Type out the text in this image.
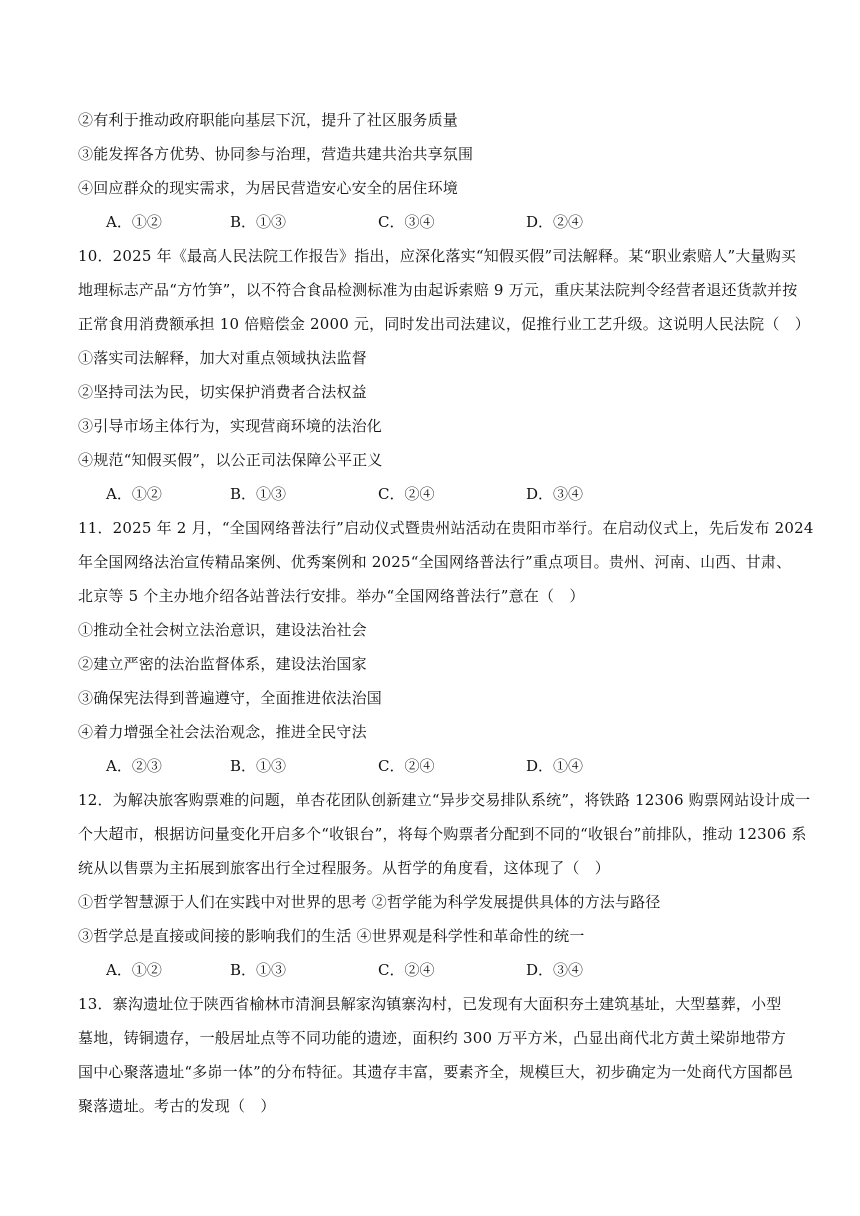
②有利于推动政府职能向基层下沉，提升了社区服务质量
③能发挥各方优势、协同参与治理，营造共建共治共享氛围
④回应群众的现实需求，为居民营造安心安全的居住环境
A．①②	B．①③	C．③④	D．②④
10．2025 年《最高人民法院工作报告》指出，应深化落实“知假买假”司法解释。某“职业索赔人”大量购买
地理标志产品“方竹笋”，以不符合食品检测标准为由起诉索赔 9 万元，重庆某法院判令经营者退还货款并按
正常食用消费额承担 10 倍赔偿金 2000 元，同时发出司法建议，促推行业工艺升级。这说明人民法院（　）
①落实司法解释，加大对重点领域执法监督
②坚持司法为民，切实保护消费者合法权益
③引导市场主体行为，实现营商环境的法治化
④规范“知假买假”，以公正司法保障公平正义
A．①②	B．①③	C．②④	D．③④
11．2025 年 2 月，“全国网络普法行”启动仪式暨贵州站活动在贵阳市举行。在启动仪式上，先后发布 2024
年全国网络法治宣传精品案例、优秀案例和 2025“全国网络普法行”重点项目。贵州、河南、山西、甘肃、
北京等 5 个主办地介绍各站普法行安排。举办“全国网络普法行”意在（　）
①推动全社会树立法治意识，建设法治社会
②建立严密的法治监督体系，建设法治国家
③确保宪法得到普遍遵守，全面推进依法治国
④着力增强全社会法治观念，推进全民守法
A．②③	B．①③	C．②④	D．①④
12．为解决旅客购票难的问题，单杏花团队创新建立“异步交易排队系统”，将铁路 12306 购票网站设计成一
个大超市，根据访问量变化开启多个“收银台”，将每个购票者分配到不同的“收银台”前排队，推动 12306 系
统从以售票为主拓展到旅客出行全过程服务。从哲学的角度看，这体现了（　）
①哲学智慧源于人们在实践中对世界的思考 ②哲学能为科学发展提供具体的方法与路径
③哲学总是直接或间接的影响我们的生活 ④世界观是科学性和革命性的统一
A．①②	B．①③	C．②④	D．③④
13．寨沟遗址位于陕西省榆林市清涧县解家沟镇寨沟村，已发现有大面积夯土建筑基址，大型墓葬，小型
墓地，铸铜遗存，一般居址点等不同功能的遗迹，面积约 300 万平方米，凸显出商代北方黄土梁峁地带方
国中心聚落遗址“多峁一体”的分布特征。其遗存丰富，要素齐全，规模巨大，初步确定为一处商代方国都邑
聚落遗址。考古的发现（　）
